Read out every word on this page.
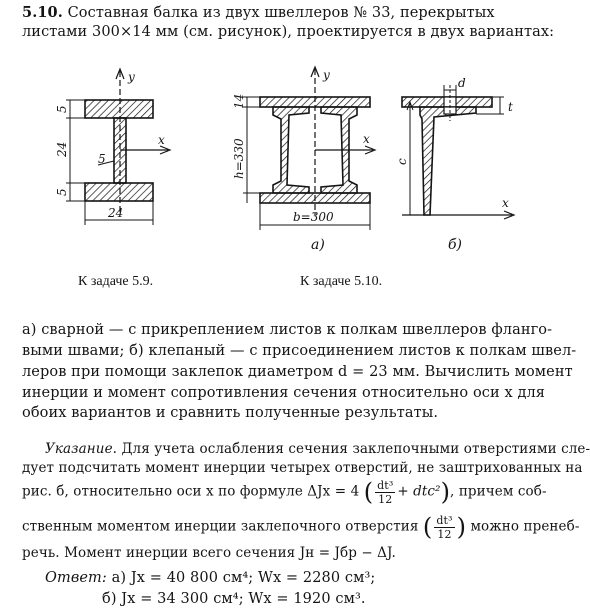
5.10. Составная балка из двух швеллеров № 33, перекрытых
листами 300×14 мм (см. рисунок), проектируется в двух вариантах:
y
x
5
5
24
5
24
y
x
14
h=330
b=300
а)
d
t
c
x
б)
К задаче 5.9.	К задаче 5.10.
а) сварной — с прикреплением листов к полкам швеллеров фланго-
выми швами; б) клепаный — с присоединением листов к полкам швел-
леров при помощи заклепок диаметром d = 23 мм. Вычислить момент
инерции и момент сопротивления сечения относительно оси x для
обоих вариантов и сравнить полученные результаты.
Указание. Для учета ослабления сечения заклепочными отверстиями сле-
дует подсчитать момент инерции четырех отверстий, не заштрихованных на
рис. б, относительно оси x по формуле ΔJx = 4 ( $\frac{\text{dt³}}{12} + dtc^2$), причем соб-
ственным моментом инерции заклепочного отверстия ( $\frac{\text{dt³}}{12}$ ) можно пренеб-
речь. Момент инерции всего сечения Jн = Jбр − ΔJ.
Ответ: а) Jx = 40 800 см⁴; Wx = 2280 см³;
б) Jx = 34 300 см⁴; Wx = 1920 см³.
